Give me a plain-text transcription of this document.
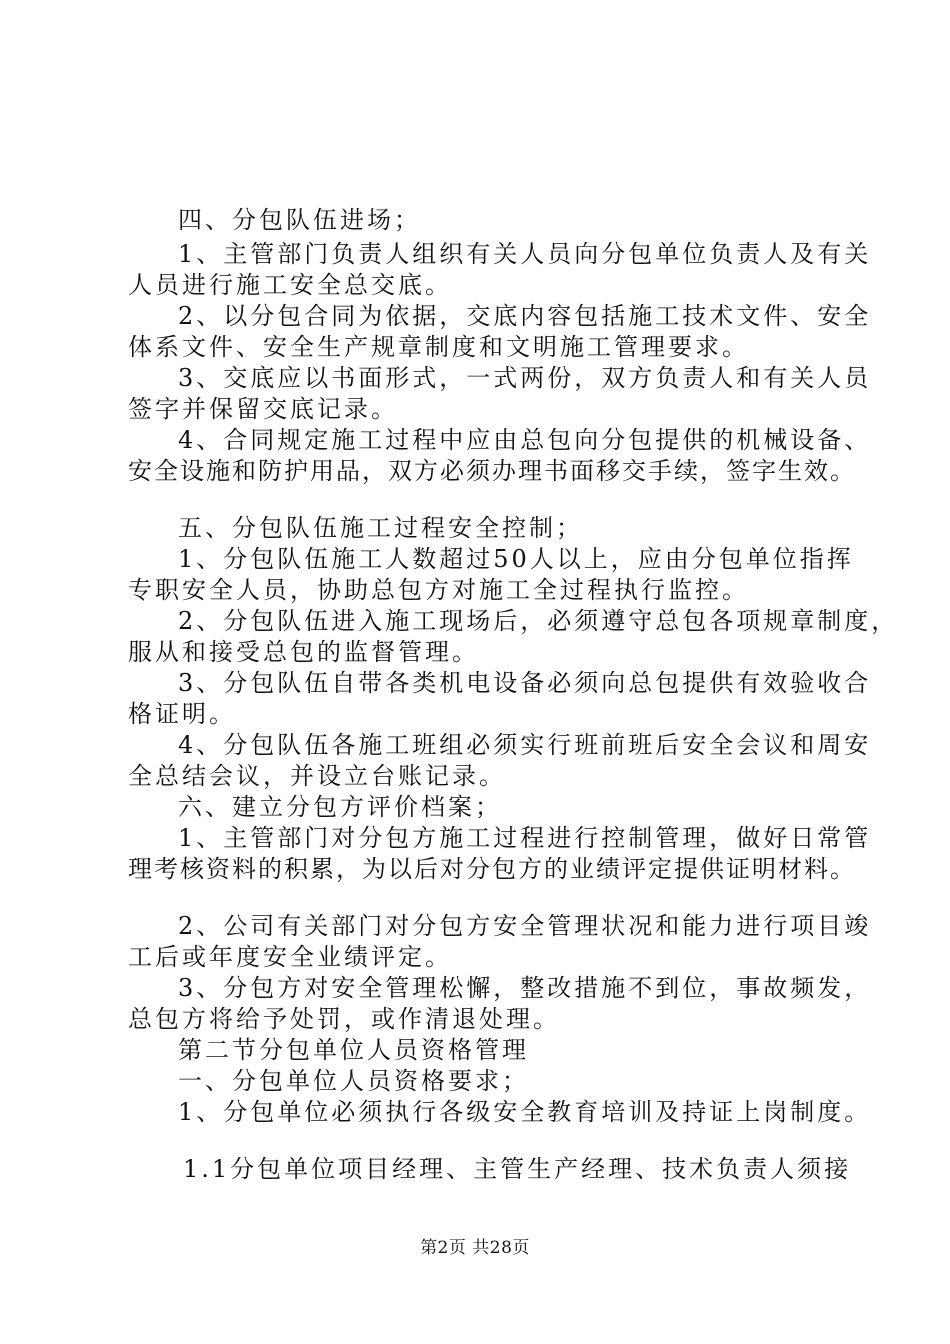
四、分包队伍进场；
1、主管部门负责人组织有关人员向分包单位负责人及有关
人员进行施工安全总交底。
2、以分包合同为依据，交底内容包括施工技术文件、安全
体系文件、安全生产规章制度和文明施工管理要求。
3、交底应以书面形式，一式两份，双方负责人和有关人员
签字并保留交底记录。
4、合同规定施工过程中应由总包向分包提供的机械设备、
安全设施和防护用品，双方必须办理书面移交手续，签字生效。
五、分包队伍施工过程安全控制；
1、分包队伍施工人数超过50人以上，应由分包单位指挥
专职安全人员，协助总包方对施工全过程执行监控。
2、分包队伍进入施工现场后，必须遵守总包各项规章制度，
服从和接受总包的监督管理。
3、分包队伍自带各类机电设备必须向总包提供有效验收合
格证明。
4、分包队伍各施工班组必须实行班前班后安全会议和周安
全总结会议，并设立台账记录。
六、建立分包方评价档案；
1、主管部门对分包方施工过程进行控制管理，做好日常管
理考核资料的积累，为以后对分包方的业绩评定提供证明材料。
2、公司有关部门对分包方安全管理状况和能力进行项目竣
工后或年度安全业绩评定。
3、分包方对安全管理松懈，整改措施不到位，事故频发，
总包方将给予处罚，或作清退处理。
第二节分包单位人员资格管理
一、分包单位人员资格要求；
1、分包单位必须执行各级安全教育培训及持证上岗制度。
1.1分包单位项目经理、主管生产经理、技术负责人须接
第2页 共28页
